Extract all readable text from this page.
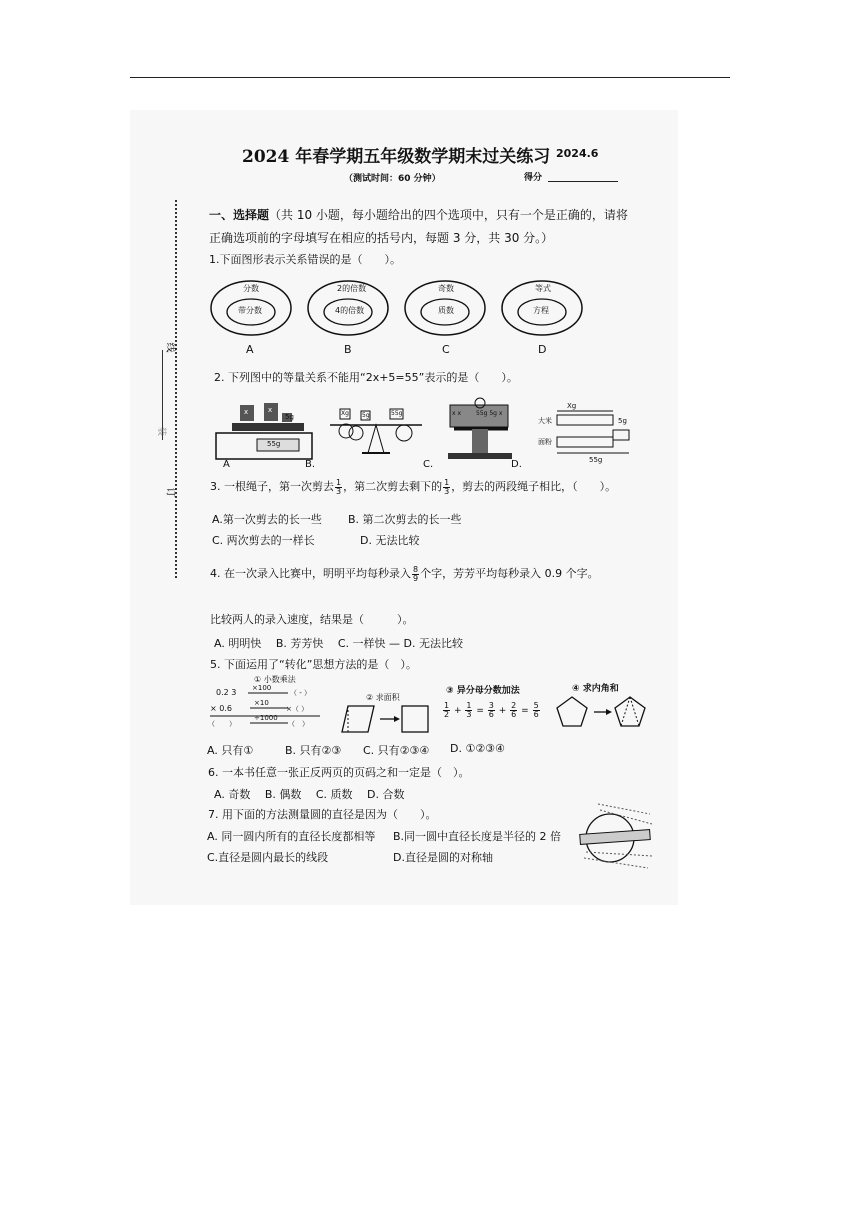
线
订
装
2024 年春学期五年级数学期末过关练习 2024.6
（测试时间：60 分钟）	得分
一、选择题（共 10 小题，每小题给出的四个选项中，只有一个是正确的，请将
正确选项前的字母填写在相应的括号内，每题 3 分，共 30 分。）
1.下面图形表示关系错误的是（　　）。
分数
带分数
2的倍数
4的倍数
奇数
质数
等式
方程
A	B	C	D
2. 下列图中的等量关系不能用“2x+5=55”表示的是（　　）。
5g
x	x
55g
Xg 5g	55g	x x 55g 5g x
Xg
5g
大米
面粉
55g
A	B.	C.	D.
3. 一根绳子，第一次剪去 $\frac{1}{3}$ ，第二次剪去剩下的 $\frac{1}{3}$ ，剪去的两段绳子相比，（　　）。
A.第一次剪去的长一些 B. 第二次剪去的长一些
C. 两次剪去的一样长	D. 无法比较
4. 在一次录入比赛中，明明平均每秒录入 $\frac{8}{9}$ 个字，芳芳平均每秒录入 0.9 个字。
比较两人的录入速度，结果是（　　　）。
A. 明明快　 B. 芳芳快　 C. 一样快 — D. 无法比较
5. 下面运用了“转化”思想方法的是（　）。
① 小数乘法
0.2 3 ×100
（ - ）
× 0.6
×10
×（ ）
÷1000
（　　）	（　）
② 求面积
③ 异分母分数加法
$\frac{1}{2} + \frac{1}{3} = \frac{3}{6} + \frac{2}{6} = \frac{5}{6}$
④ 求内角和
A. 只有①	B. 只有②③ C. 只有②③④ D. ①②③④
6. 一本书任意一张正反两页的页码之和一定是（　）。
A. 奇数　 B. 偶数　 C. 质数　 D. 合数
7. 用下面的方法测量圆的直径是因为（　　）。
A. 同一圆内所有的直径长度都相等 B.同一圆中直径长度是半径的 2 倍
C.直径是圆内最长的线段	D.直径是圆的对称轴
